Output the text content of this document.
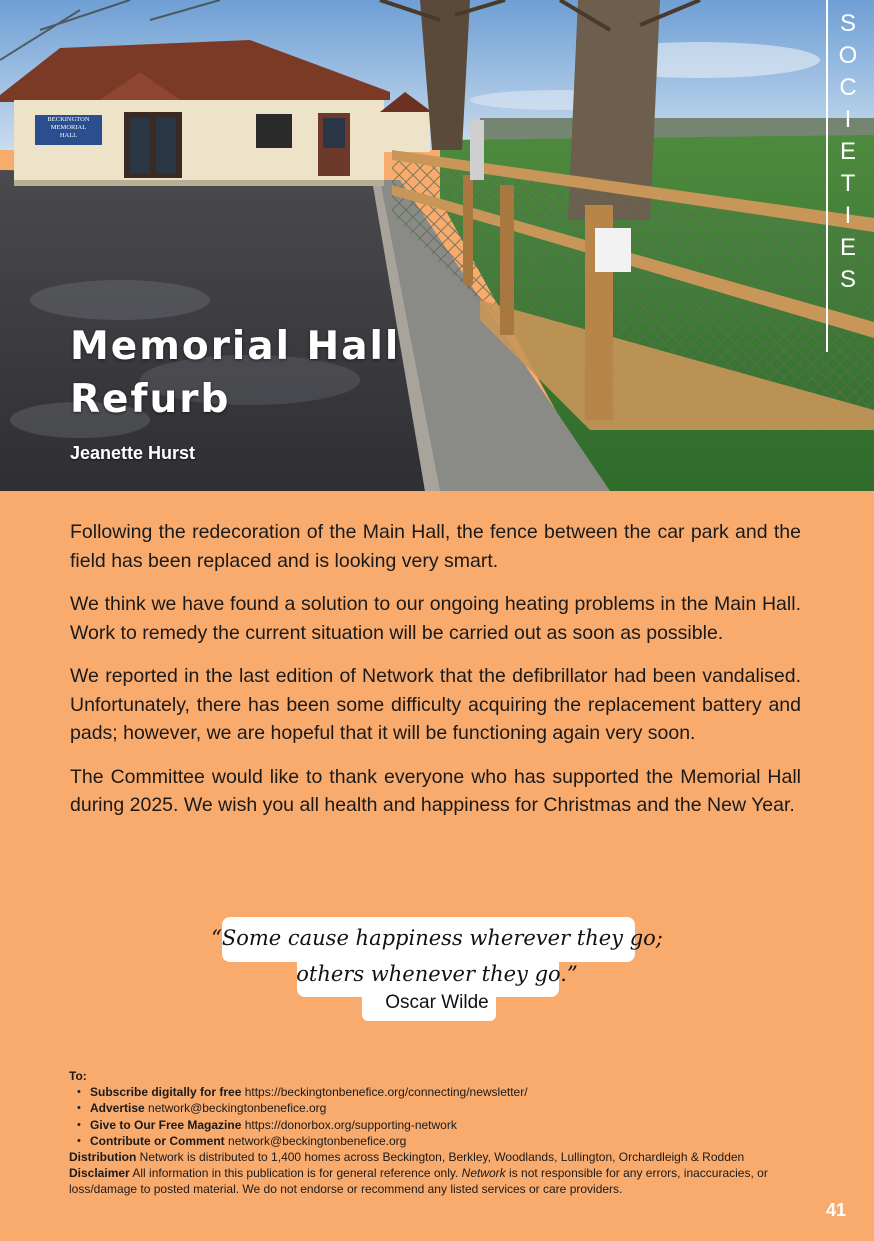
BECKINGTON
MEMORIAL
HALL
Memorial Hall
Refurb
Jeanette Hurst
S
O
C
I
E
T
I
E
S

Following the redecoration of the Main Hall, the fence between the car park and the field has been replaced and is looking very smart.

We think we have found a solution to our ongoing heating problems in the Main Hall. Work to remedy the current situation will be carried out as soon as possible.

We reported in the last edition of Network that the defibrillator had been vandalised. Unfortunately, there has been some difficulty acquiring the replacement battery and pads; however, we are hopeful that it will be functioning again very soon.

The Committee would like to thank everyone who has supported the Memorial Hall during 2025. We wish you all health and happiness for Christmas and the New Year.

“Some cause happiness wherever they go;
others whenever they go.”
Oscar Wilde
To:
• Subscribe digitally for free https://beckingtonbenefice.org/connecting/newsletter/
• Advertise network@beckingtonbenefice.org
• Give to Our Free Magazine https://donorbox.org/supporting-network
• Contribute or Comment network@beckingtonbenefice.org
Distribution Network is distributed to 1,400 homes across Beckington, Berkley, Woodlands, Lullington, Orchardleigh & Rodden
Disclaimer All information in this publication is for general reference only. Network is not responsible for any errors, inaccuracies, or loss/damage to posted material. We do not endorse or recommend any listed services or care providers.
41
